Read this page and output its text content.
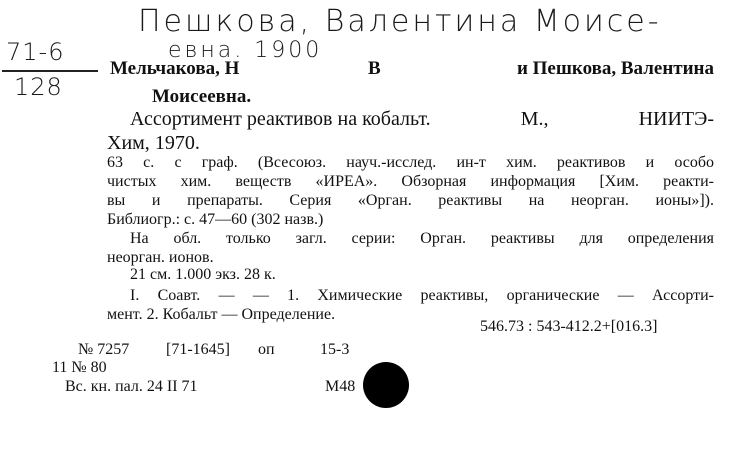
Пешкова, Валентина Моисе-
евна. 1900
71-6
128
Мельчакова, Н	В	и Пешкова, Валентина
Моисеевна.
Ассортимент реактивов на кобальт.	М.,	НИИТЭ-
Хим, 1970.
63 с. с граф. (Всесоюз. науч.-исслед. ин-т хим. реактивов и особо
чистых хим. веществ «ИРЕА». Обзорная информация [Хим. реакти-
вы и препараты. Серия «Орган. реактивы на неорган. ионы»]).
Библиогр.: с. 47—60 (302 назв.)
На обл. только загл. серии: Орган. реактивы для определения
неорган. ионов.
21 см. 1.000 экз. 28 к.
I. Соавт. — — 1. Химические реактивы, органические — Ассорти-
мент. 2. Кобальт — Определение.
546.73 : 543-412.2+[016.3]
№ 7257 [71-1645] оп	15-3
11 № 80
Вс. кн. пал. 24 II 71	М48
